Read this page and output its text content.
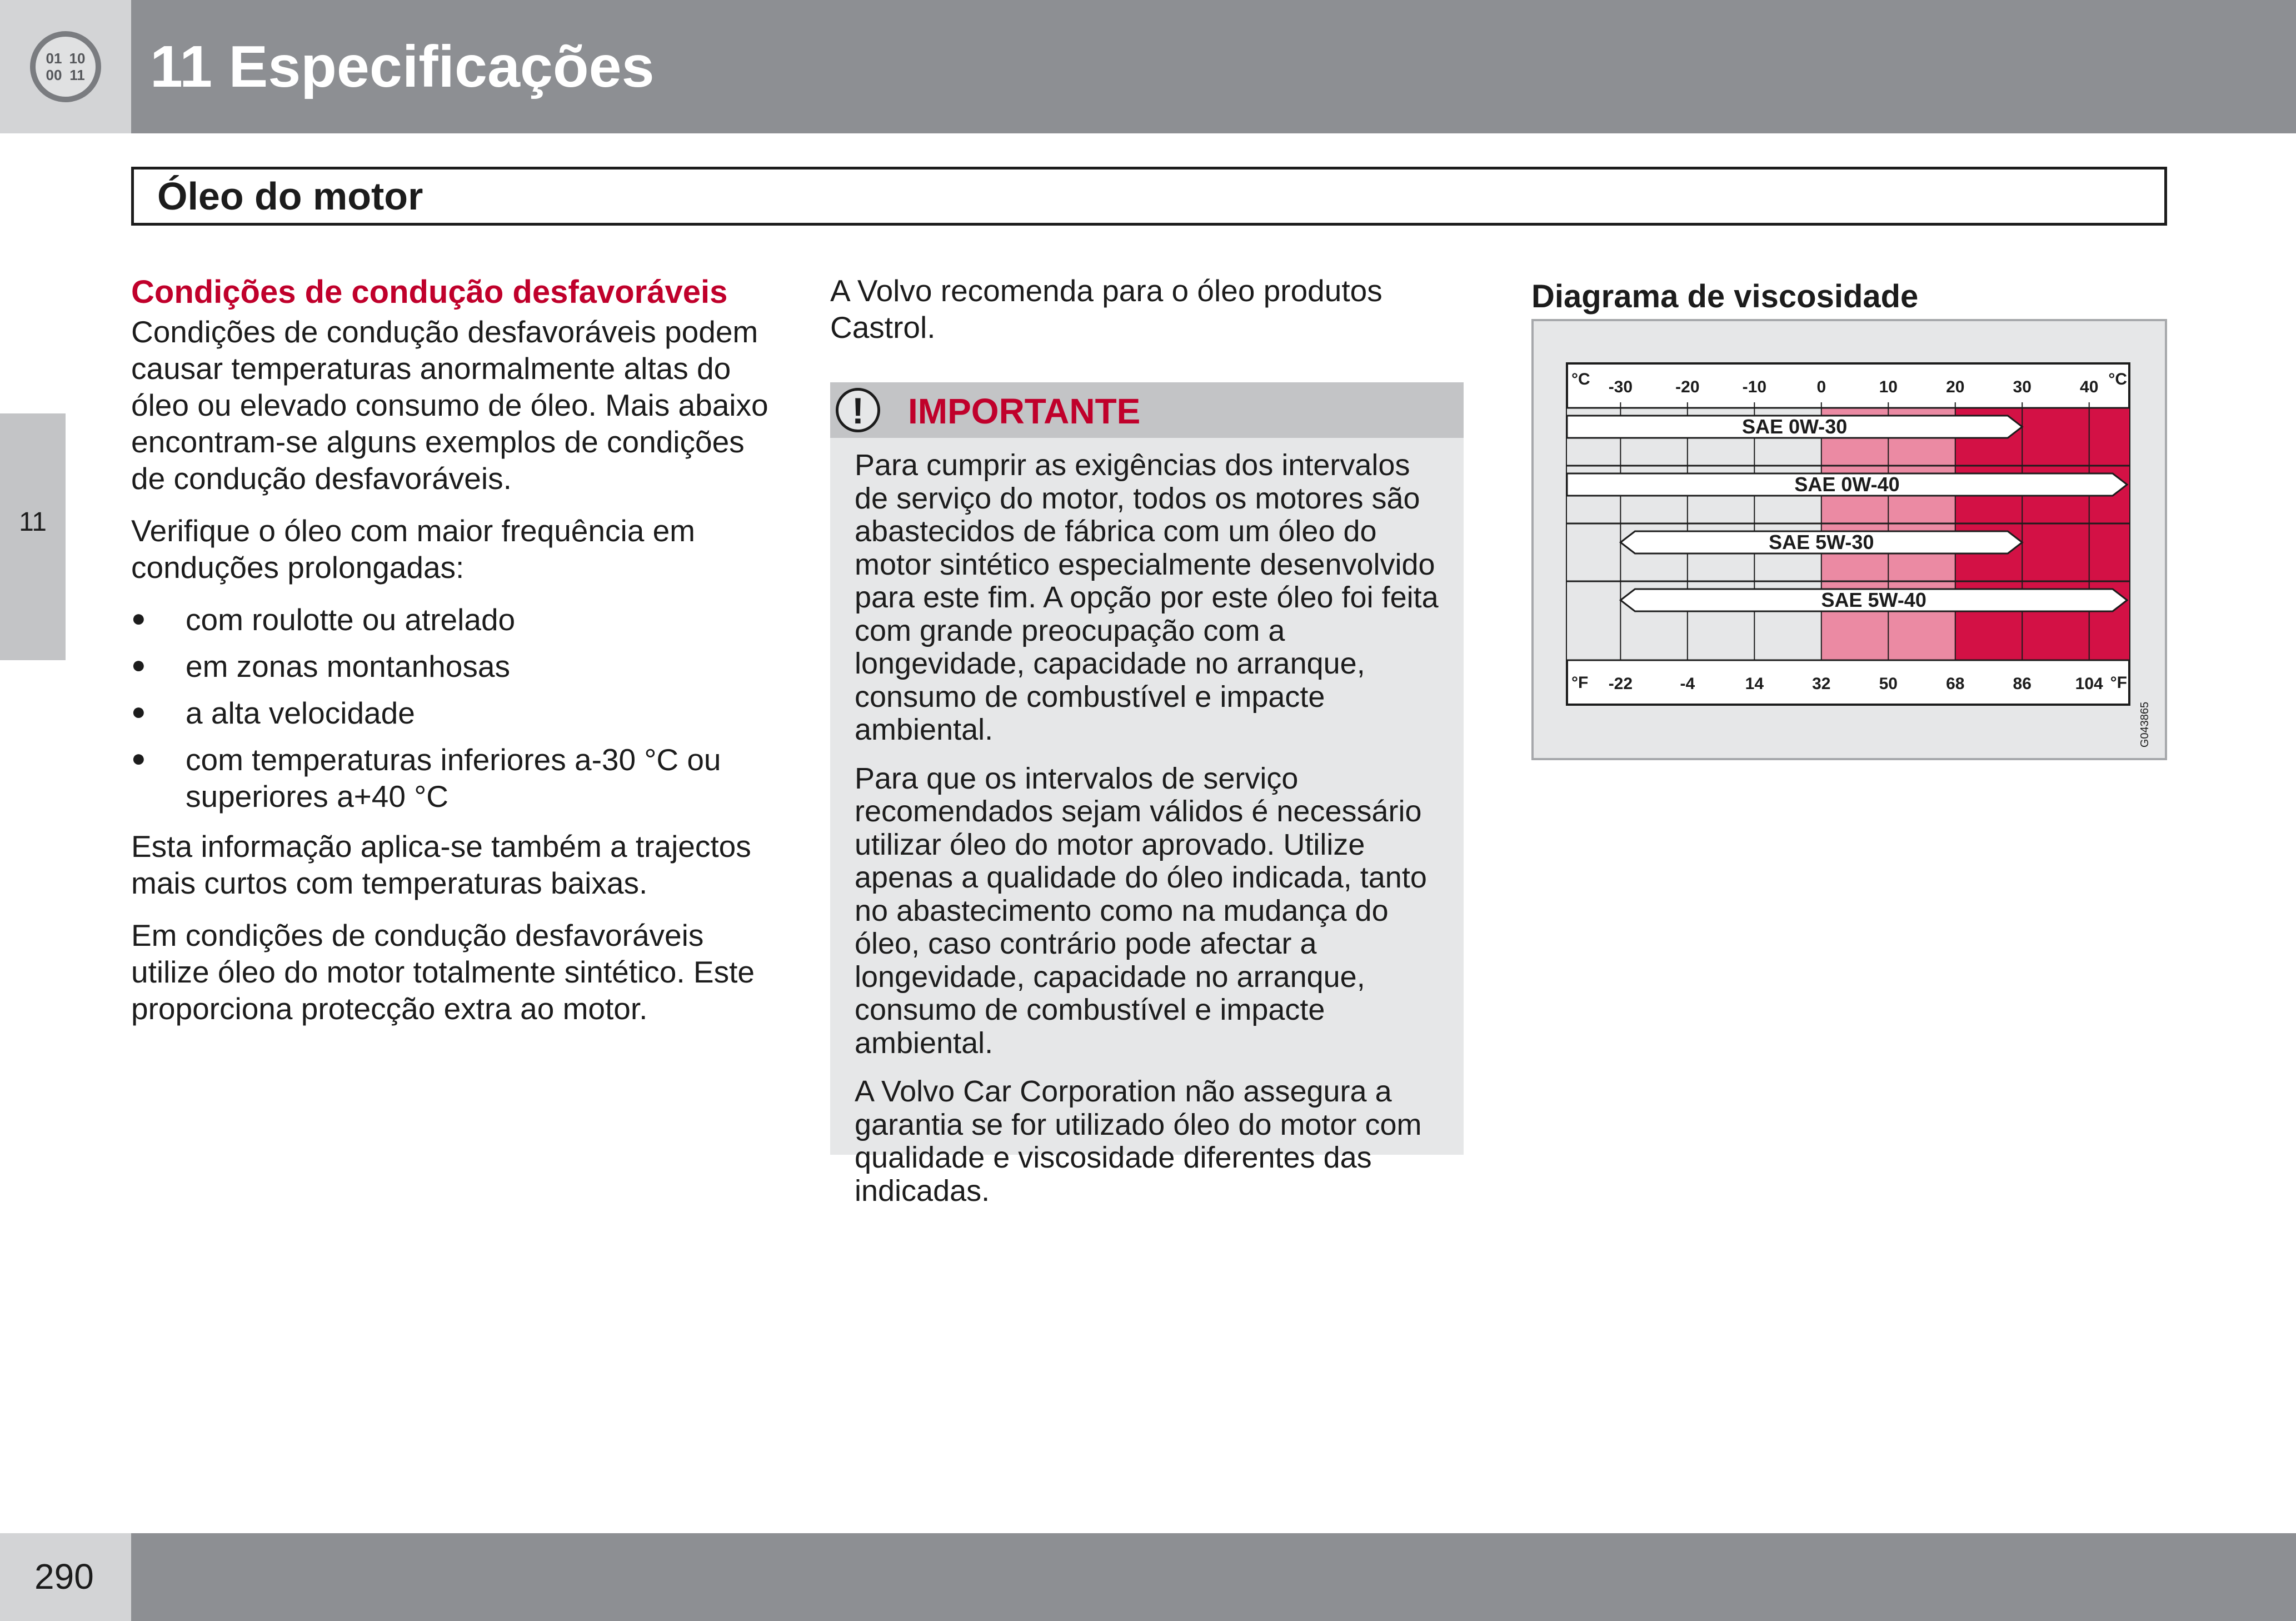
01 10
00 11 11 Especificações
Óleo do motor
11
Condições de condução desfavoráveis

Condições de condução desfavoráveis podem causar temperaturas anormalmente altas do óleo ou elevado consumo de óleo. Mais abaixo encontram-se alguns exemplos de condições de condução desfavoráveis.

Verifique o óleo com maior frequência em conduções prolongadas:

● com roulotte ou atrelado
● em zonas montanhosas
● a alta velocidade
● com temperaturas inferiores a-30 °C ou superiores a+40 °C

Esta informação aplica-se também a trajectos mais curtos com temperaturas baixas.

Em condições de condução desfavoráveis utilize óleo do motor totalmente sintético. Este proporciona protecção extra ao motor.

A Volvo recomenda para o óleo produtos Castrol.

!	IMPORTANTE

Para cumprir as exigências dos intervalos de serviço do motor, todos os motores são abastecidos de fábrica com um óleo do motor sintético especialmente desenvolvido para este fim. A opção por este óleo foi feita com grande preocupação com a longevidade, capacidade no arranque, consumo de combustível e impacte ambiental.

Para que os intervalos de serviço recomendados sejam válidos é necessário utilizar óleo do motor aprovado. Utilize apenas a qualidade do óleo indicada, tanto no abastecimento como na mudança do óleo, caso contrário pode afectar a longevidade, capacidade no arranque, consumo de combustível e impacte ambiental.

A Volvo Car Corporation não assegura a garantia se for utilizado óleo do motor com qualidade e viscosidade diferentes das indicadas.

Diagrama de viscosidade
-30	-20	-10	0	10	20	30	40
-22	-4	14	32	50	68	86	104
°C	°C
°F	°F
SAE 0W-30
SAE 0W-40
SAE 5W-30
SAE 5W-40
G043865
290
